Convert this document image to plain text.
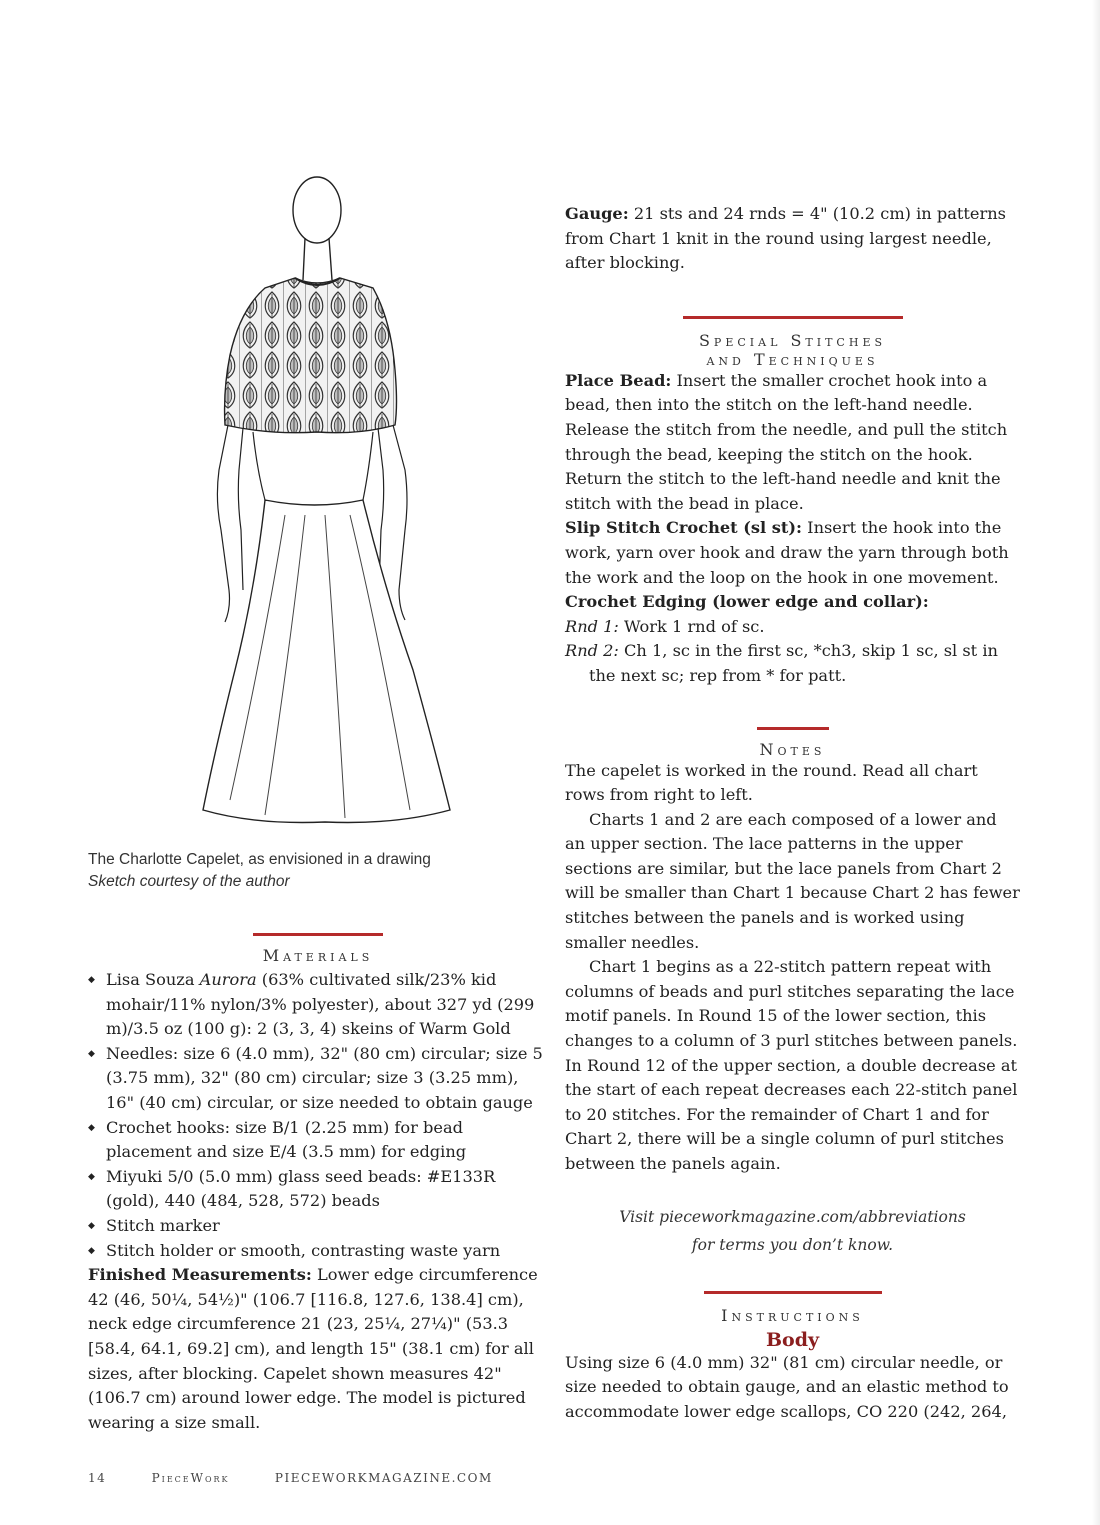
The Charlotte Capelet, as envisioned in a drawing
Sketch courtesy of the author
Materials
◆ Lisa Souza Aurora (63% cultivated silk/23% kid mohair/11% nylon/3% polyester), about 327 yd (299 m)/3.5 oz (100 g): 2 (3, 3, 4) skeins of Warm Gold
◆ Needles: size 6 (4.0 mm), 32" (80 cm) circular; size 5 (3.75 mm), 32" (80 cm) circular; size 3 (3.25 mm), 16" (40 cm) circular, or size needed to obtain gauge
◆ Crochet hooks: size B/1 (2.25 mm) for bead placement and size E/4 (3.5 mm) for edging
◆ Miyuki 5/0 (5.0 mm) glass seed beads: #E133R (gold), 440 (484, 528, 572) beads
◆ Stitch marker
◆ Stitch holder or smooth, contrasting waste yarn

Finished Measurements: Lower edge circumference 42 (46, 50¼, 54½)" (106.7 [116.8, 127.6, 138.4] cm), neck edge circumference 21 (23, 25¼, 27¼)" (53.3 [58.4, 64.1, 69.2] cm), and length 15" (38.1 cm) for all sizes, after blocking. Capelet shown measures 42" (106.7 cm) around lower edge. The model is pictured wearing a size small.

Gauge: 21 sts and 24 rnds = 4" (10.2 cm) in patterns from Chart 1 knit in the round using largest needle, after blocking.

Special Stitches
and Techniques

Place Bead: Insert the smaller crochet hook into a bead, then into the stitch on the left-hand needle. Release the stitch from the needle, and pull the stitch through the bead, keeping the stitch on the hook. Return the stitch to the left-hand needle and knit the stitch with the bead in place.

Slip Stitch Crochet (sl st): Insert the hook into the work, yarn over hook and draw the yarn through both the work and the loop on the hook in one movement.

Crochet Edging (lower edge and collar):

Rnd 1: Work 1 rnd of sc.

Rnd 2: Ch 1, sc in the first sc, *ch3, skip 1 sc, sl st in the next sc; rep from * for patt.

Notes

The capelet is worked in the round. Read all chart rows from right to left.

Charts 1 and 2 are each composed of a lower and an upper section. The lace patterns in the upper sections are similar, but the lace panels from Chart 2 will be smaller than Chart 1 because Chart 2 has fewer stitches between the panels and is worked using smaller needles.

Chart 1 begins as a 22-stitch pattern repeat with columns of beads and purl stitches separating the lace motif panels. In Round 15 of the lower section, this changes to a column of 3 purl stitches between panels. In Round 12 of the upper section, a double decrease at the start of each repeat decreases each 22-stitch panel to 20 stitches. For the remainder of Chart 1 and for Chart 2, there will be a single column of purl stitches between the panels again.

Visit pieceworkmagazine.com/abbreviations
for terms you don’t know.
Instructions
Body

Using size 6 (4.0 mm) 32" (81 cm) circular needle, or size needed to obtain gauge, and an elastic method to accommodate lower edge scallops, CO 220 (242, 264,

14	PieceWork	PIECEWORKMAGAZINE.COM
